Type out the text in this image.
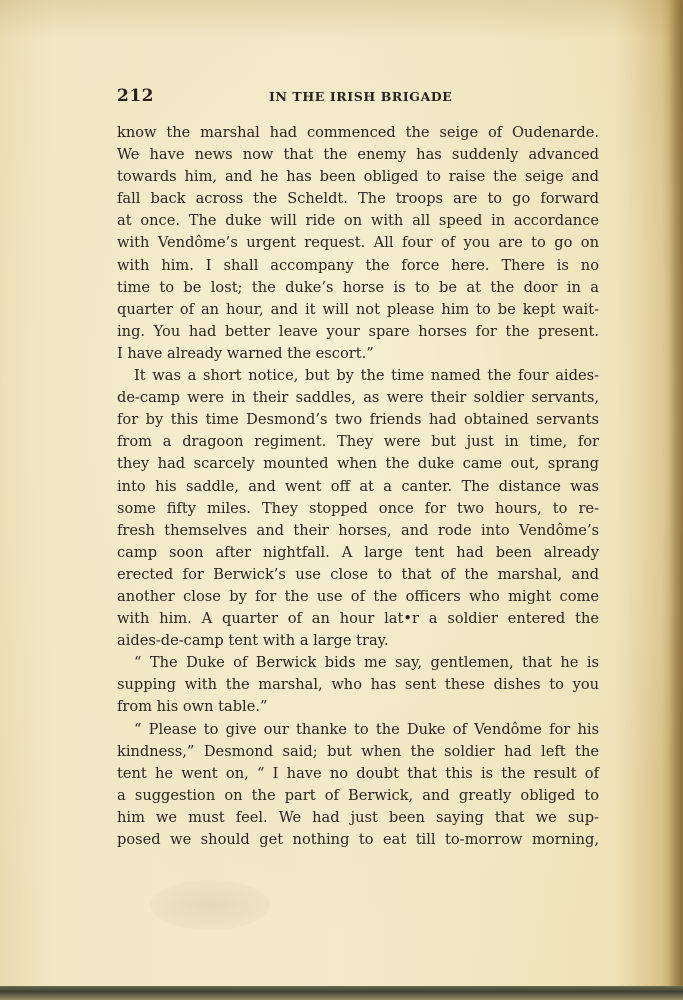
212	IN THE IRISH BRIGADE
know the marshal had commenced the seige of Oudenarde.
We have news now that the enemy has suddenly advanced
towards him, and he has been obliged to raise the seige and
fall back across the Scheldt. The troops are to go forward
at once. The duke will ride on with all speed in accordance
with Vendôme’s urgent request. All four of you are to go on
with him. I shall accompany the force here. There is no
time to be lost; the duke’s horse is to be at the door in a
quarter of an hour, and it will not please him to be kept wait-
ing. You had better leave your spare horses for the present.
I have already warned the escort.”
It was a short notice, but by the time named the four aides-
de-camp were in their saddles, as were their soldier servants,
for by this time Desmond’s two friends had obtained servants
from a dragoon regiment. They were but just in time, for
they had scarcely mounted when the duke came out, sprang
into his saddle, and went off at a canter. The distance was
some fifty miles. They stopped once for two hours, to re-
fresh themselves and their horses, and rode into Vendôme’s
camp soon after nightfall. A large tent had been already
erected for Berwick’s use close to that of the marshal, and
another close by for the use of the officers who might come
with him. A quarter of an hour lat•r a soldier entered the
aides-de-camp tent with a large tray.
“ The Duke of Berwick bids me say, gentlemen, that he is
supping with the marshal, who has sent these dishes to you
from his own table.”
“ Please to give our thanke to the Duke of Vendôme for his
kindness,” Desmond said; but when the soldier had left the
tent he went on, “ I have no doubt that this is the result of
a suggestion on the part of Berwick, and greatly obliged to
him we must feel. We had just been saying that we sup-
posed we should get nothing to eat till to-morrow morning,
